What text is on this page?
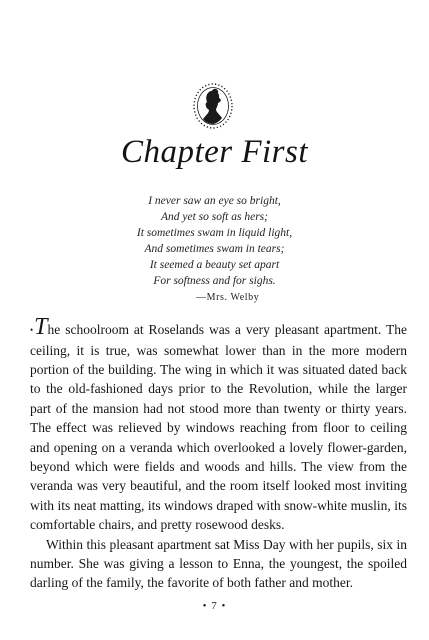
Chapter First
I never saw an eye so bright,
And yet so soft as hers;
It sometimes swam in liquid light,
And sometimes swam in tears;
It seemed a beauty set apart
For softness and for sighs.
—Mrs. Welby

•The schoolroom at Roselands was a very pleasant apartment. The ceiling, it is true, was somewhat lower than in the more modern portion of the building. The wing in which it was situated dated back to the old-fashioned days prior to the Revolution, while the larger part of the mansion had not stood more than twenty or thirty years. The effect was relieved by windows reaching from floor to ceiling and opening on a veranda which overlooked a lovely flower-garden, beyond which were fields and woods and hills. The view from the veranda was very beautiful, and the room itself looked most inviting with its neat matting, its windows draped with snow-white muslin, its comfortable chairs, and pretty rosewood desks.

Within this pleasant apartment sat Miss Day with her pupils, six in number. She was giving a lesson to Enna, the youngest, the spoiled darling of the family, the favorite of both father and mother.

• 7 •
